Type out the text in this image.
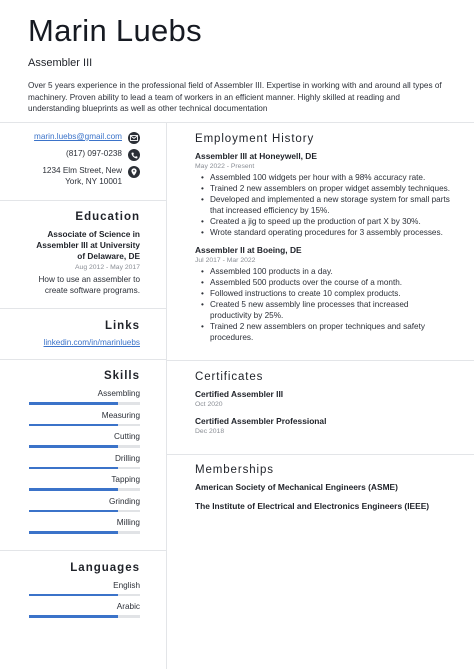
Marin Luebs
Assembler III
Over 5 years experience in the professional field of Assembler III. Expertise in working with and around all types of machinery. Proven ability to lead a team of workers in an efficient manner. Highly skilled at reading and understanding blueprints as well as other technical documentation
marin.luebs@gmail.com
(817) 097-0238
1234 Elm Street, New York, NY 10001
Education
Associate of Science in Assembler III at University of Delaware, DE
Aug 2012 - May 2017
How to use an assembler to create software programs.
Links
linkedin.com/in/marinluebs
Skills
Assembling
Measuring
Cutting
Drilling
Tapping
Grinding
Milling
Languages
English
Arabic
Employment History
Assembler III at Honeywell, DE
May 2022 - Present
• Assembled 100 widgets per hour with a 98% accuracy rate.
• Trained 2 new assemblers on proper widget assembly techniques.
• Developed and implemented a new storage system for small parts that increased efficiency by 15%.
• Created a jig to speed up the production of part X by 30%.
• Wrote standard operating procedures for 3 assembly processes.
Assembler II at Boeing, DE
Jul 2017 - Mar 2022
• Assembled 100 products in a day.
• Assembled 500 products over the course of a month.
• Followed instructions to create 10 complex products.
• Created 5 new assembly line processes that increased productivity by 25%.
• Trained 2 new assemblers on proper techniques and safety procedures.
Certificates
Certified Assembler III
Oct 2020
Certified Assembler Professional
Dec 2018
Memberships
American Society of Mechanical Engineers (ASME)
The Institute of Electrical and Electronics Engineers (IEEE)
